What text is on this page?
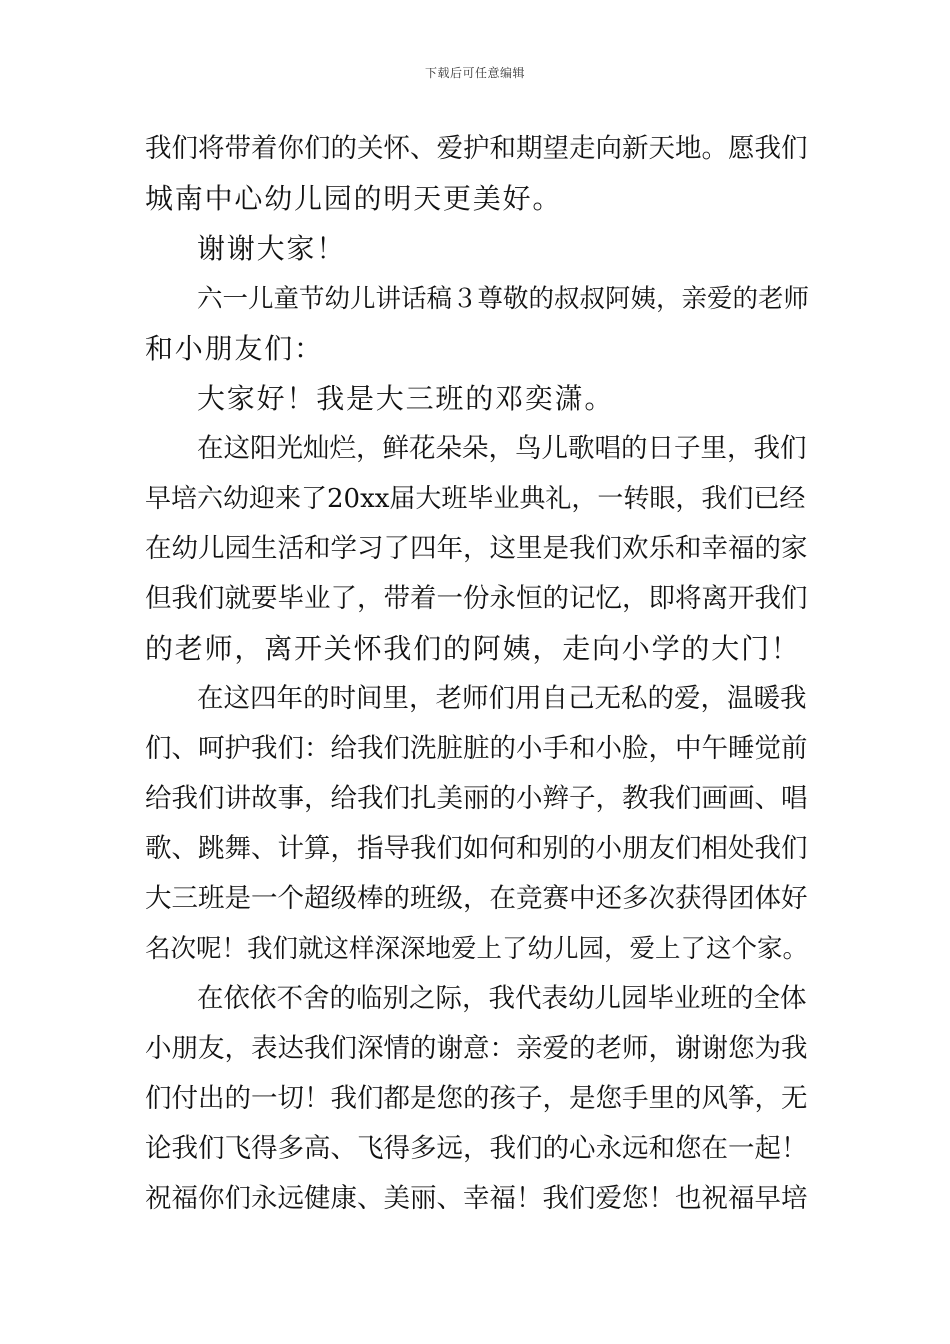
下载后可任意编辑
我们将带着你们的关怀、爱护和期望走向新天地。愿我们
城南中心幼儿园的明天更美好。
谢谢大家！
六一儿童节幼儿讲话稿３尊敬的叔叔阿姨，亲爱的老师
和小朋友们：
大家好！我是大三班的邓奕潇。
在这阳光灿烂，鲜花朵朵，鸟儿歌唱的日子里，我们
早培六幼迎来了20xx届大班毕业典礼，一转眼，我们已经
在幼儿园生活和学习了四年，这里是我们欢乐和幸福的家
但我们就要毕业了，带着一份永恒的记忆，即将离开我们
的老师，离开关怀我们的阿姨，走向小学的大门！
在这四年的时间里，老师们用自己无私的爱，温暖我
们、呵护我们：给我们洗脏脏的小手和小脸，中午睡觉前
给我们讲故事，给我们扎美丽的小辫子，教我们画画、唱
歌、跳舞、计算，指导我们如何和别的小朋友们相处我们
大三班是一个超级棒的班级，在竞赛中还多次获得团体好
名次呢！我们就这样深深地爱上了幼儿园，爱上了这个家。
在依依不舍的临别之际，我代表幼儿园毕业班的全体
小朋友，表达我们深情的谢意：亲爱的老师，谢谢您为我
们付出的一切！我们都是您的孩子，是您手里的风筝，无
论我们飞得多高、飞得多远，我们的心永远和您在一起！
祝福你们永远健康、美丽、幸福！我们爱您！也祝福早培
